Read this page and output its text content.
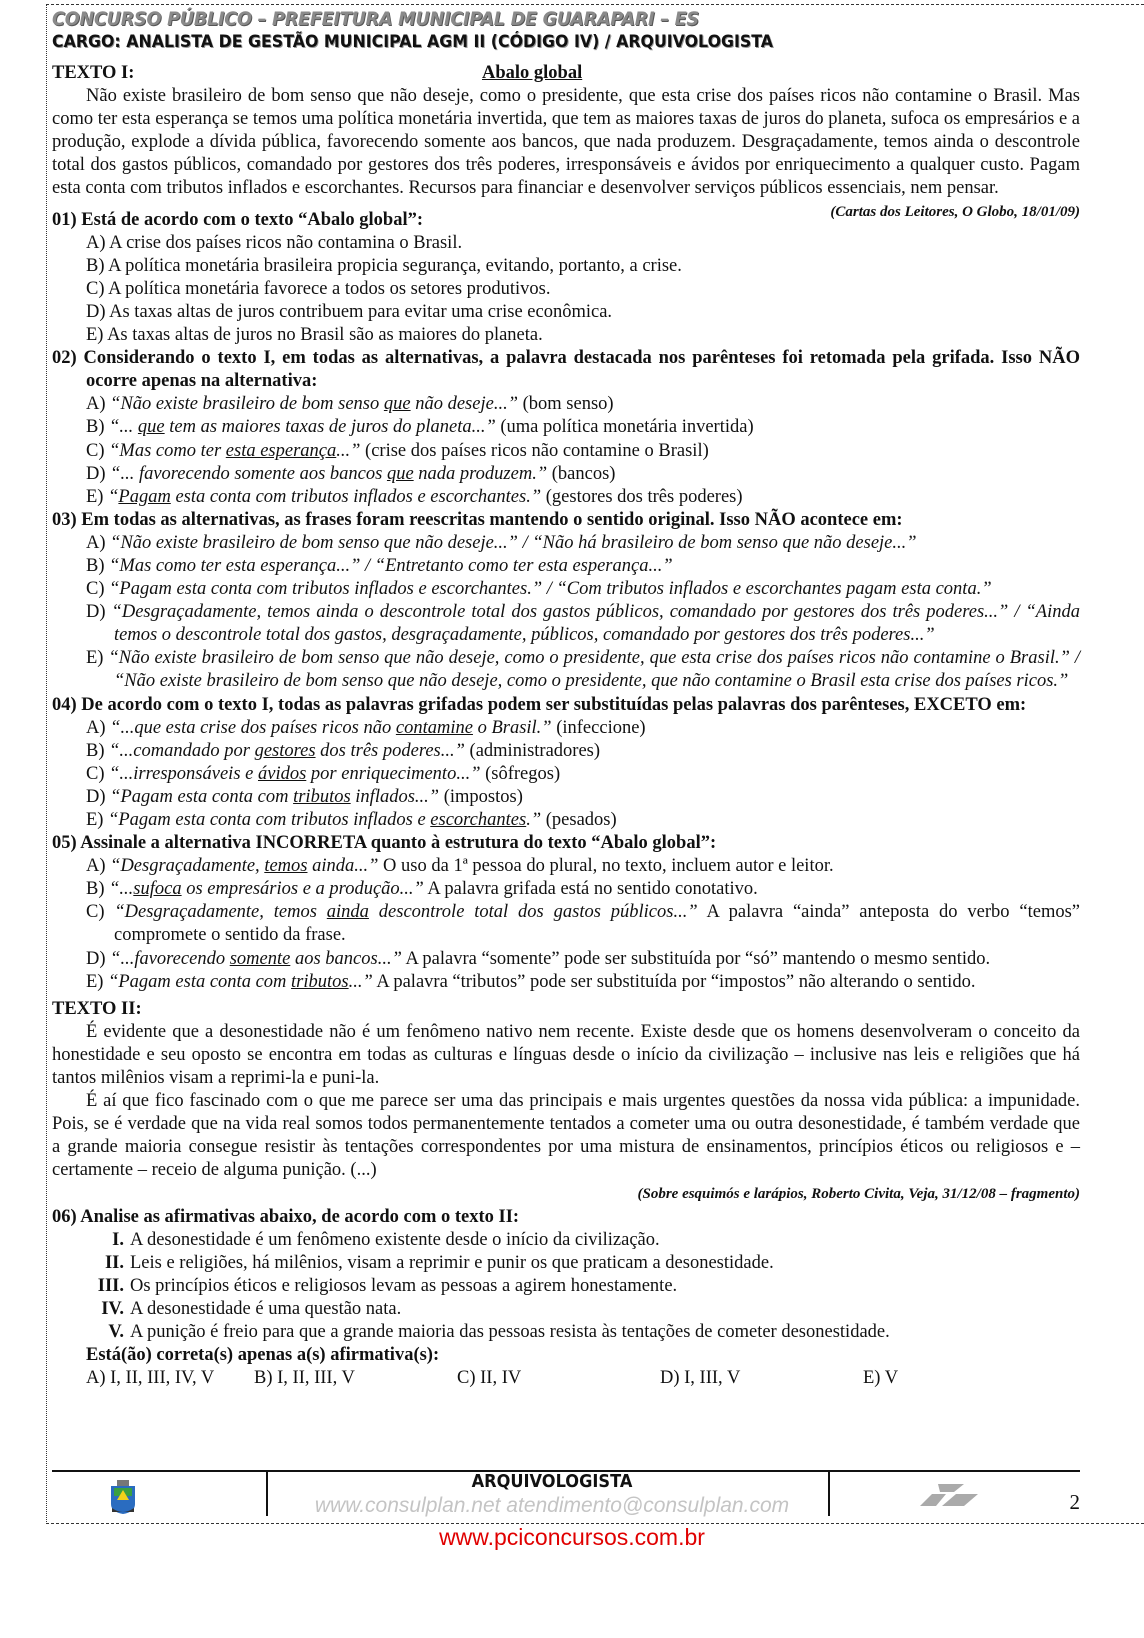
CONCURSO PÚBLICO – PREFEITURA MUNICIPAL DE GUARAPARI – ES
CARGO: ANALISTA DE GESTÃO MUNICIPAL AGM II (CÓDIGO IV) / ARQUIVOLOGISTA
TEXTO I:	Abalo global

Não existe brasileiro de bom senso que não deseje, como o presidente, que esta crise dos países ricos não contamine o Brasil. Mas como ter esta esperança se temos uma política monetária invertida, que tem as maiores taxas de juros do planeta, sufoca os empresários e a produção, explode a dívida pública, favorecendo somente aos bancos, que nada produzem. Desgraçadamente, temos ainda o descontrole total dos gastos públicos, comandado por gestores dos três poderes, irresponsáveis e ávidos por enriquecimento a qualquer custo. Pagam esta conta com tributos inflados e escorchantes. Recursos para financiar e desenvolver serviços públicos essenciais, nem pensar.
(Cartas dos Leitores, O Globo, 18/01/09)

01) Está de acordo com o texto “Abalo global”:
A) A crise dos países ricos não contamina o Brasil.
B) A política monetária brasileira propicia segurança, evitando, portanto, a crise.
C) A política monetária favorece a todos os setores produtivos.
D) As taxas altas de juros contribuem para evitar uma crise econômica.
E) As taxas altas de juros no Brasil são as maiores do planeta.
02) Considerando o texto I, em todas as alternativas, a palavra destacada nos parênteses foi retomada pela grifada. Isso NÃO ocorre apenas na alternativa:
A) “Não existe brasileiro de bom senso que não deseje...” (bom senso)
B) “... que tem as maiores taxas de juros do planeta...” (uma política monetária invertida)
C) “Mas como ter esta esperança...” (crise dos países ricos não contamine o Brasil)
D) “... favorecendo somente aos bancos que nada produzem.” (bancos)
E) “Pagam esta conta com tributos inflados e escorchantes.” (gestores dos três poderes)
03) Em todas as alternativas, as frases foram reescritas mantendo o sentido original. Isso NÃO acontece em:
A) “Não existe brasileiro de bom senso que não deseje...” / “Não há brasileiro de bom senso que não deseje...”
B) “Mas como ter esta esperança...” / “Entretanto como ter esta esperança...”
C) “Pagam esta conta com tributos inflados e escorchantes.” / “Com tributos inflados e escorchantes pagam esta conta.”
D) “Desgraçadamente, temos ainda o descontrole total dos gastos públicos, comandado por gestores dos três poderes...” / “Ainda temos o descontrole total dos gastos, desgraçadamente, públicos, comandado por gestores dos três poderes...”
E) “Não existe brasileiro de bom senso que não deseje, como o presidente, que esta crise dos países ricos não contamine o Brasil.” / “Não existe brasileiro de bom senso que não deseje, como o presidente, que não contamine o Brasil esta crise dos países ricos.”
04) De acordo com o texto I, todas as palavras grifadas podem ser substituídas pelas palavras dos parênteses, EXCETO em:
A) “...que esta crise dos países ricos não contamine o Brasil.” (infeccione)
B) “...comandado por gestores dos três poderes...” (administradores)
C) “...irresponsáveis e ávidos por enriquecimento...” (sôfregos)
D) “Pagam esta conta com tributos inflados...” (impostos)
E) “Pagam esta conta com tributos inflados e escorchantes.” (pesados)
05) Assinale a alternativa INCORRETA quanto à estrutura do texto “Abalo global”:
A) “Desgraçadamente, temos ainda...” O uso da 1ª pessoa do plural, no texto, incluem autor e leitor.
B) “...sufoca os empresários e a produção...” A palavra grifada está no sentido conotativo.
C) “Desgraçadamente, temos ainda descontrole total dos gastos públicos...” A palavra “ainda” anteposta do verbo “temos” compromete o sentido da frase.
D) “...favorecendo somente aos bancos...” A palavra “somente” pode ser substituída por “só” mantendo o mesmo sentido.
E) “Pagam esta conta com tributos...” A palavra “tributos” pode ser substituída por “impostos” não alterando o sentido.
TEXTO II:

É evidente que a desonestidade não é um fenômeno nativo nem recente. Existe desde que os homens desenvolveram o conceito da honestidade e seu oposto se encontra em todas as culturas e línguas desde o início da civilização – inclusive nas leis e religiões que há tantos milênios visam a reprimi-la e puni-la.

É aí que fico fascinado com o que me parece ser uma das principais e mais urgentes questões da nossa vida pública: a impunidade. Pois, se é verdade que na vida real somos todos permanentemente tentados a cometer uma ou outra desonestidade, é também verdade que a grande maioria consegue resistir às tentações correspondentes por uma mistura de ensinamentos, princípios éticos ou religiosos e – certamente – receio de alguma punição. (...)

(Sobre esquimós e larápios, Roberto Civita, Veja, 31/12/08 – fragmento)
06) Analise as afirmativas abaixo, de acordo com o texto II:
I. A desonestidade é um fenômeno existente desde o início da civilização.
II. Leis e religiões, há milênios, visam a reprimir e punir os que praticam a desonestidade.
III. Os princípios éticos e religiosos levam as pessoas a agirem honestamente.
IV. A desonestidade é uma questão nata.
V. A punição é freio para que a grande maioria das pessoas resista às tentações de cometer desonestidade.
Está(ão) correta(s) apenas a(s) afirmativa(s):
A) I, II, III, IV, V	B) I, II, III, V	C) II, IV	D) I, III, V	E) V
ARQUIVOLOGISTA
www.consulplan.net atendimento@consulplan.com	2
www.pciconcursos.com.br
